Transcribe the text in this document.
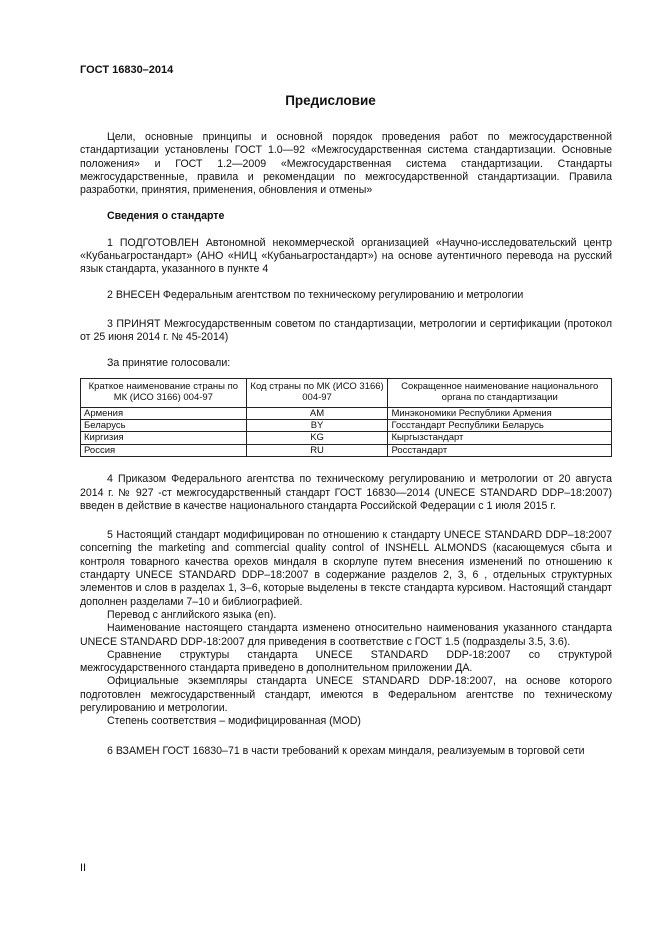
ГОСТ 16830–2014
Предисловие

Цели, основные принципы и основной порядок проведения работ по межгосударственной стандартизации установлены ГОСТ 1.0—92 «Межгосударственная система стандартизации. Основные положения» и ГОСТ 1.2—2009 «Межгосударственная система стандартизации. Стандарты межгосударственные, правила и рекомендации по межгосударственной стандартизации. Правила разработки, принятия, применения, обновления и отмены»

Сведения о стандарте

1 ПОДГОТОВЛЕН Автономной некоммерческой организацией «Научно-исследовательский центр «Кубаньагростандарт» (АНО «НИЦ «Кубаньагростандарт») на основе аутентичного перевода на русский язык стандарта, указанного в пункте 4

2 ВНЕСЕН Федеральным агентством по техническому регулированию и метрологии

3 ПРИНЯТ Межгосударственным советом по стандартизации, метрологии и сертификации (протокол от 25 июня 2014 г. № 45-2014)

За принятие голосовали:

Краткое наименование страны по МК (ИСО 3166) 004-97	Код страны по МК (ИСО 3166) 004-97	Сокращенное наименование национального органа по стандартизации
Армения	AM	Минэкономики Республики Армения
Беларусь	BY	Госстандарт Республики Беларусь
Киргизия	KG	Кыргызстандарт
Россия	RU	Росстандарт

4 Приказом Федерального агентства по техническому регулированию и метрологии от 20 августа 2014 г. № 927 -ст межгосударственный стандарт ГОСТ 16830—2014 (UNECE STANDARD DDP–18:2007) введен в действие в качестве национального стандарта Российской Федерации с 1 июля 2015 г.

5 Настоящий стандарт модифицирован по отношению к стандарту UNECE STANDARD DDP–18:2007 concerning the marketing and commercial quality control of INSHELL ALMONDS (касающемуся сбыта и контроля товарного качества орехов миндаля в скорлупе путем внесения изменений по отношению к стандарту UNECE STANDARD DDP–18:2007 в содержание разделов 2, 3, 6 , отдельных структурных элементов и слов в разделах 1, 3–6, которые выделены в тексте стандарта курсивом. Настоящий стандарт дополнен разделами 7–10 и библиографией.

Перевод с английского языка (en).

Наименование настоящего стандарта изменено относительно наименования указанного стандарта UNECE STANDARD DDP-18:2007 для приведения в соответствие с ГОСТ 1.5 (подразделы 3.5, 3.6).

Сравнение структуры стандарта UNECE STANDARD DDP-18:2007 со структурой межгосударственного стандарта приведено в дополнительном приложении ДА.

Официальные экземпляры стандарта UNECE STANDARD DDP-18:2007, на основе которого подготовлен межгосударственный стандарт, имеются в Федеральном агентстве по техническому регулированию и метрологии.

Степень соответствия – модифицированная (MOD)

6 ВЗАМЕН ГОСТ 16830–71 в части требований к орехам миндаля, реализуемым в торговой сети

II
